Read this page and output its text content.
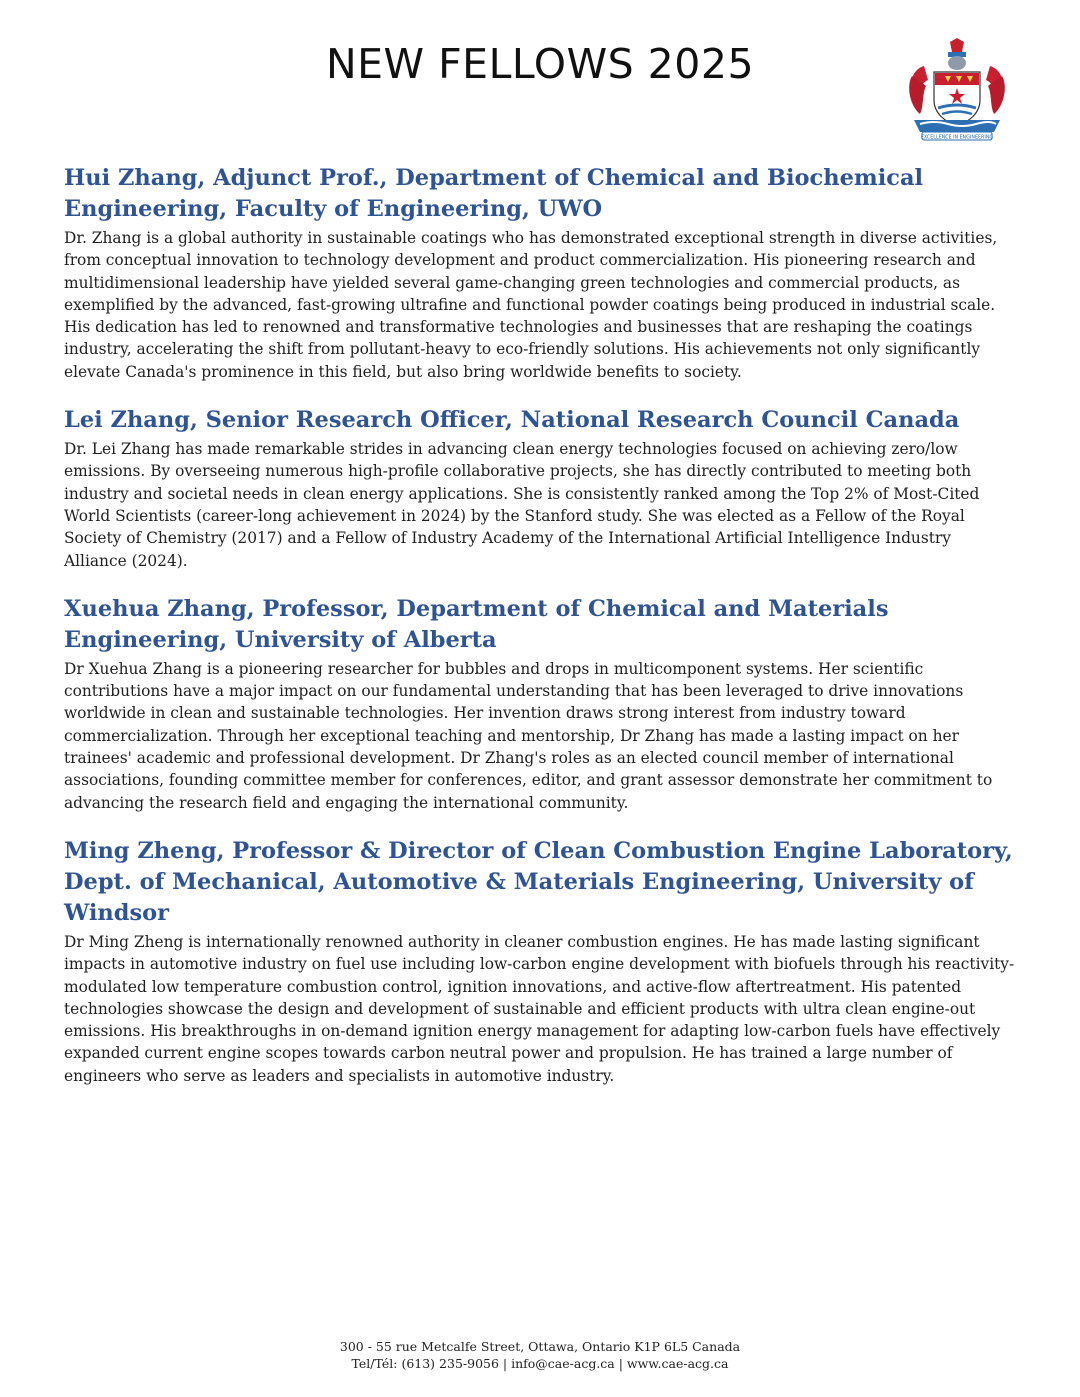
NEW FELLOWS 2025
EXCELLENCE IN ENGINEERING
Hui Zhang, Adjunct Prof., Department of Chemical and Biochemical Engineering, Faculty of Engineering, UWO

Dr. Zhang is a global authority in sustainable coatings who has demonstrated exceptional strength in diverse activities, from conceptual innovation to technology development and product commercialization. His pioneering research and multidimensional leadership have yielded several game-changing green technologies and commercial products, as exemplified by the advanced, fast-growing ultrafine and functional powder coatings being produced in industrial scale. His dedication has led to renowned and transformative technologies and businesses that are reshaping the coatings industry, accelerating the shift from pollutant-heavy to eco-friendly solutions. His achievements not only significantly elevate Canada's prominence in this field, but also bring worldwide benefits to society.

Lei Zhang, Senior Research Officer, National Research Council Canada

Dr. Lei Zhang has made remarkable strides in advancing clean energy technologies focused on achieving zero/low emissions. By overseeing numerous high-profile collaborative projects, she has directly contributed to meeting both industry and societal needs in clean energy applications. She is consistently ranked among the Top 2% of Most-Cited World Scientists (career-long achievement in 2024) by the Stanford study. She was elected as a Fellow of the Royal Society of Chemistry (2017) and a Fellow of Industry Academy of the International Artificial Intelligence Industry Alliance (2024).

Xuehua Zhang, Professor, Department of Chemical and Materials Engineering, University of Alberta

Dr Xuehua Zhang is a pioneering researcher for bubbles and drops in multicomponent systems. Her scientific contributions have a major impact on our fundamental understanding that has been leveraged to drive innovations worldwide in clean and sustainable technologies. Her invention draws strong interest from industry toward commercialization. Through her exceptional teaching and mentorship, Dr Zhang has made a lasting impact on her trainees' academic and professional development. Dr Zhang's roles as an elected council member of international associations, founding committee member for conferences, editor, and grant assessor demonstrate her commitment to advancing the research field and engaging the international community.

Ming Zheng, Professor & Director of Clean Combustion Engine Laboratory, Dept. of Mechanical, Automotive & Materials Engineering, University of Windsor

Dr Ming Zheng is internationally renowned authority in cleaner combustion engines. He has made lasting significant impacts in automotive industry on fuel use including low-carbon engine development with biofuels through his reactivity-modulated low temperature combustion control, ignition innovations, and active-flow aftertreatment. His patented technologies showcase the design and development of sustainable and efficient products with ultra clean engine-out emissions. His breakthroughs in on-demand ignition energy management for adapting low-carbon fuels have effectively expanded current engine scopes towards carbon neutral power and propulsion. He has trained a large number of engineers who serve as leaders and specialists in automotive industry.

300 - 55 rue Metcalfe Street, Ottawa, Ontario K1P 6L5 Canada
Tel/Tél: (613) 235-9056 | info@cae-acg.ca | www.cae-acg.ca
